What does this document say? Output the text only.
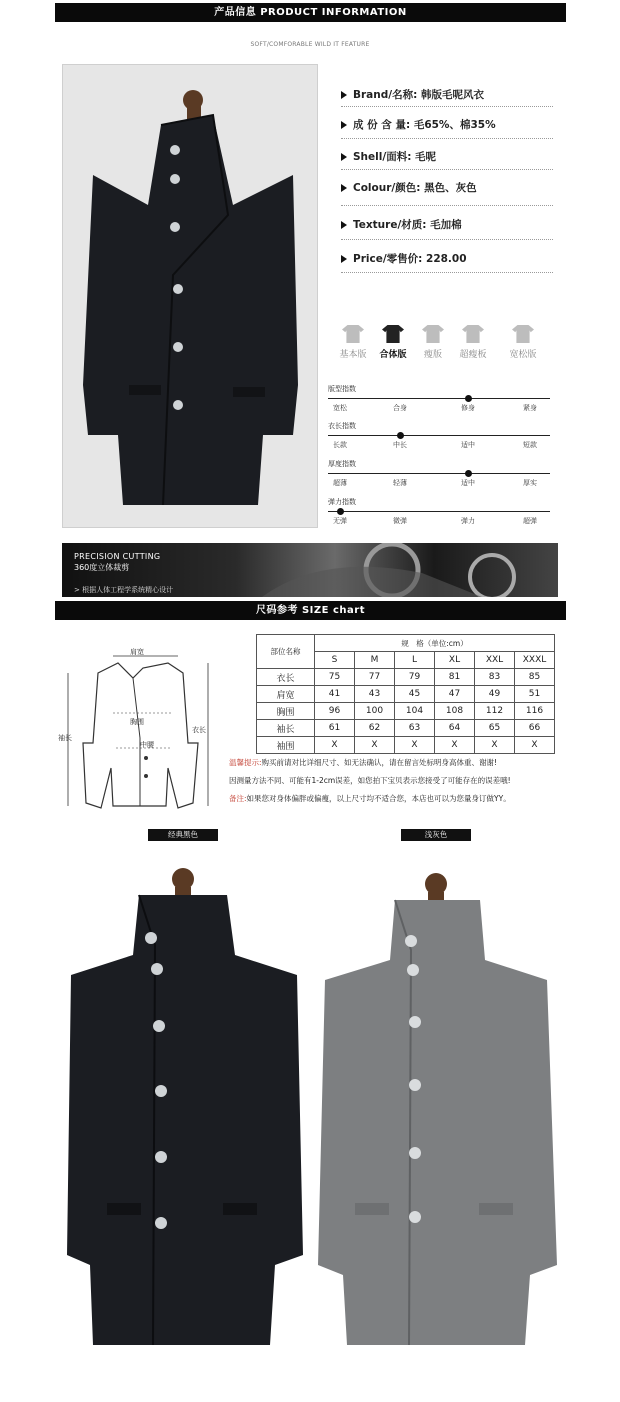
产品信息 PRODUCT INFORMATION
SOFT/COMFORABLE WILD IT FEATURE
Brand/名称: 韩版毛呢风衣
成 份 含 量: 毛65%、棉35%
Shell/面料: 毛呢
Colour/颜色: 黑色、灰色
Texture/材质: 毛加棉
Price/零售价: 228.00
基本版	合体版	瘦版	超瘦板	宽松版
版型指数
宽松	合身	修身	紧身
衣长指数
长款	中长	适中	短款
厚度指数
超薄	轻薄	适中	厚实
弹力指数
无弹	微弹	弹力	超弹
PRECISION CUTTING
360度立体裁剪
> 根据人体工程学系统精心设计
尺码参考 SIZE chart
肩宽
胸围
中腰
袖长
衣长
部位名称	规　格（单位:cm）					
	S	M	L	XL	XXL	XXXL
衣长	75	77	79	81	83	85
肩宽	41	43	45	47	49	51
胸围	96	100	104	108	112	116
袖长	61	62	63	64	65	66
袖围	X	X	X	X	X	X
温馨提示:购买前请对比详细尺寸、如无法确认，请在留言处标明身高体重、谢谢!
因测量方法不同、可能有1-2cm误差，如您拍下宝贝表示您接受了可能存在的误差哦!
备注:如果您对身体偏胖或偏瘦，以上尺寸均不适合您，本店也可以为您量身订做YY。
经典黑色	浅灰色
